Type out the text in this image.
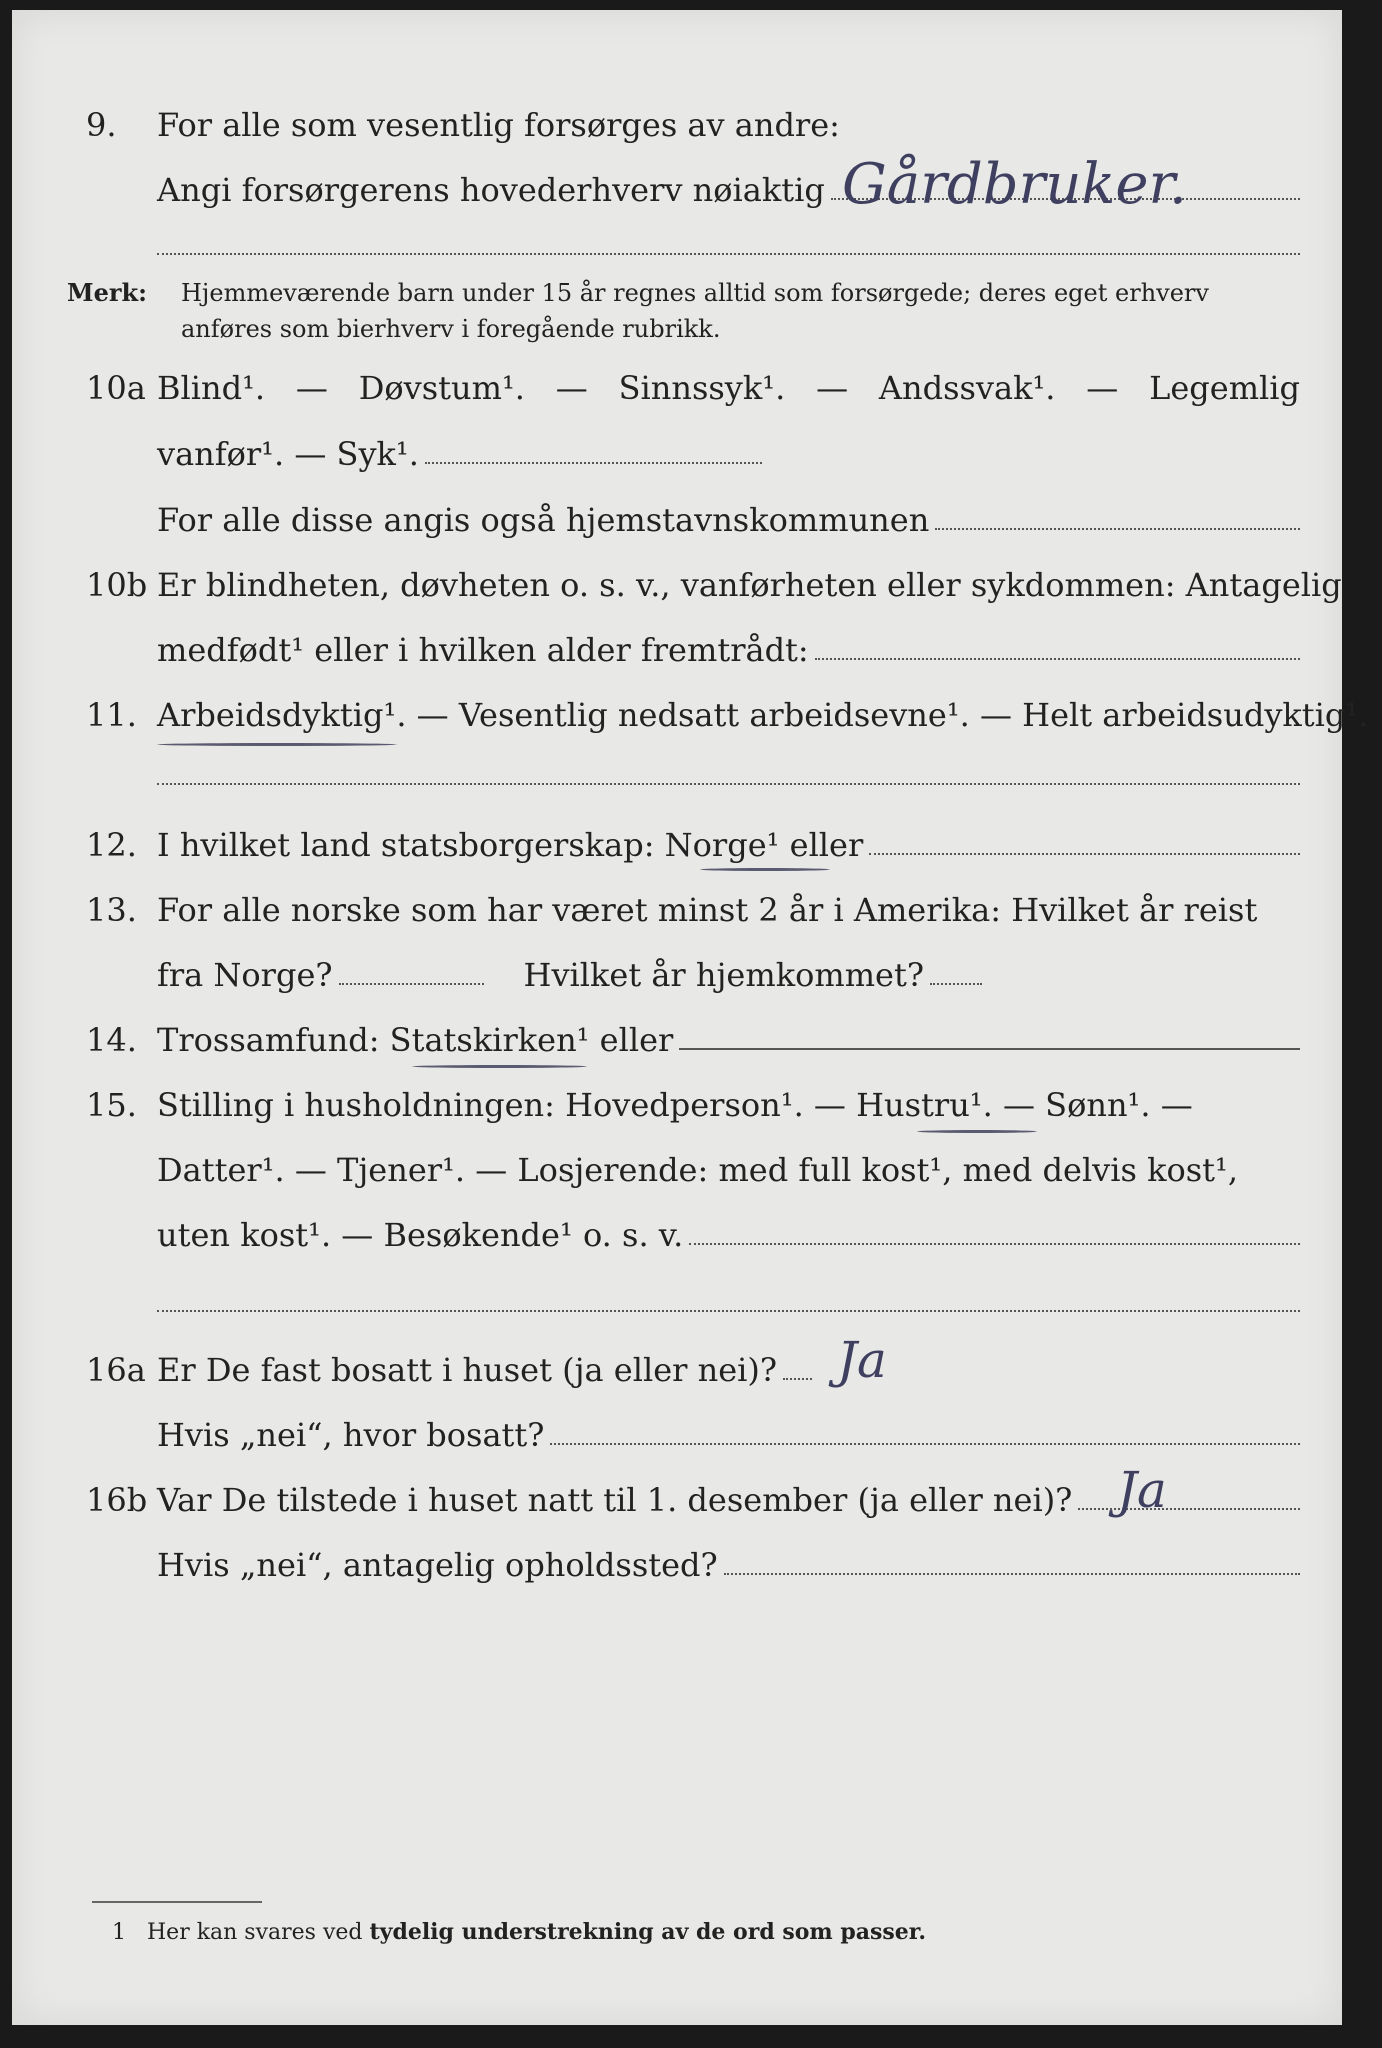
9. For alle som vesentlig forsørges av andre:
Angi forsørgerens hovederhverv nøiaktig Gårdbruker.
Merk: Hjemmeværende barn under 15 år regnes alltid som forsørgede; deres eget erhverv
anføres som bierhverv i foregående rubrikk.
10a Blind¹. — Døvstum¹. — Sinnssyk¹. — Andssvak¹. — Legemlig
vanfør¹. — Syk¹.
For alle disse angis også hjemstavnskommunen
10b Er blindheten, døvheten o. s. v., vanførheten eller sykdommen: Antagelig
medfødt¹ eller i hvilken alder fremtrådt:
11. Arbeidsdyktig¹. — Vesentlig nedsatt arbeidsevne¹. — Helt arbeidsudyktig¹.
12. I hvilket land statsborgerskap: Norge¹ eller
13. For alle norske som har været minst 2 år i Amerika: Hvilket år reist
fra Norge?	Hvilket år hjemkommet?
14. Trossamfund: Statskirken¹ eller
15. Stilling i husholdningen: Hovedperson¹. — Hustru¹. — Sønn¹. —
Datter¹. — Tjener¹. — Losjerende: med full kost¹, med delvis kost¹,
uten kost¹. — Besøkende¹ o. s. v.
16a Er De fast bosatt i huset (ja eller nei)? Ja
Hvis „nei“, hvor bosatt?
16b Var De tilstede i huset natt til 1. desember (ja eller nei)? Ja
Hvis „nei“, antagelig opholdssted?
1 Her kan svares ved tydelig understrekning av de ord som passer.
